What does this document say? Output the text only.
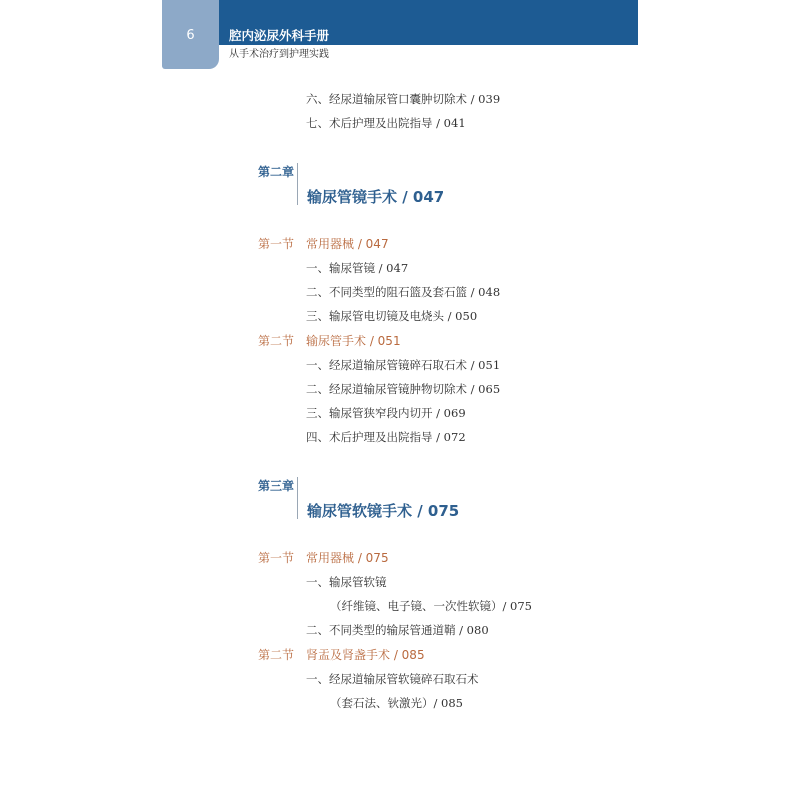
6	腔内泌尿外科手册
从手术治疗到护理实践
六、经尿道输尿管口囊肿切除术 / 039
七、术后护理及出院指导 / 041
第二章
输尿管镜手术 / 047
第一节 常用器械 / 047
一、输尿管镜 / 047
二、不同类型的阻石篮及套石篮 / 048
三、输尿管电切镜及电烧头 / 050
第二节 输尿管手术 / 051
一、经尿道输尿管镜碎石取石术 / 051
二、经尿道输尿管镜肿物切除术 / 065
三、输尿管狭窄段内切开 / 069
四、术后护理及出院指导 / 072
第三章
输尿管软镜手术 / 075
第一节 常用器械 / 075
一、输尿管软镜
（纤维镜、电子镜、一次性软镜）/ 075
二、不同类型的输尿管通道鞘 / 080
第二节 肾盂及肾盏手术 / 085
一、经尿道输尿管软镜碎石取石术
（套石法、钬激光）/ 085
